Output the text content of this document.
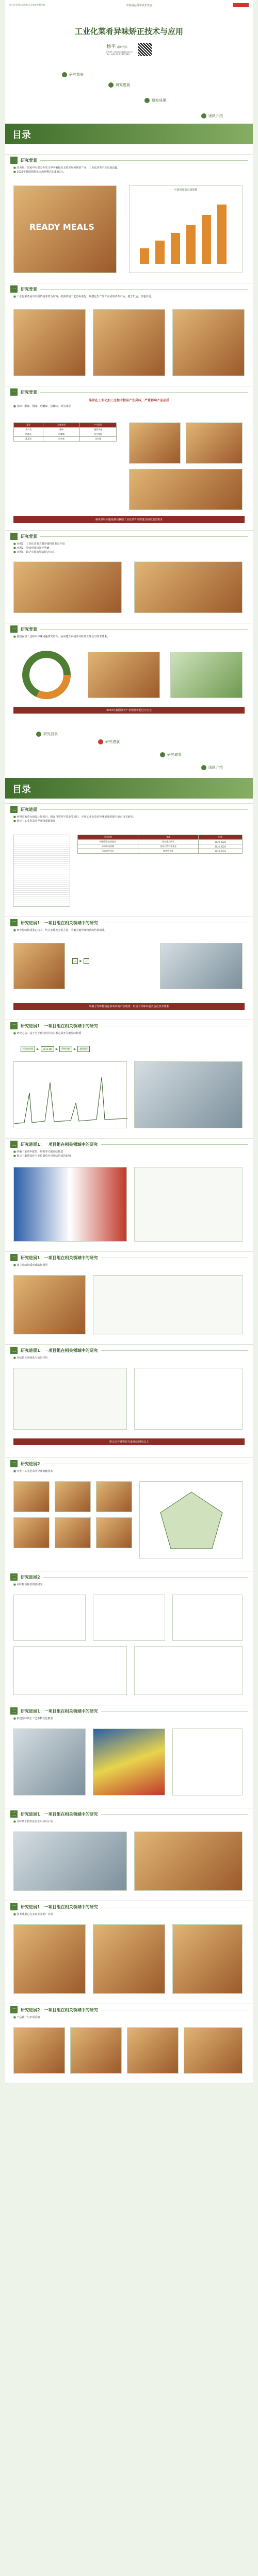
烟台农业科技研究院 山东省农业科学院	中国食品科学技术学会
工业化菜肴异味矫正技术与应用
杨平 副研究员
Email: yangping@caas.cn
Tel: +86-10-62815989
研究背景
研究进展
研究成果
团队介绍
目录
一	研究背景
■ 国务院、国家中央部分办发文中明确提出支持发展预制菜产业，工业化菜肴产业发展迅猛。
■ 2023年我国预制菜市场规模达5165亿元。
READY MEALS
中国预制菜市场规模
一	研究背景
■ 工业化菜肴是以中国传统菜肴为原料，按照传统工艺经标准化、规模化生产加工而成的菜肴产品，便于贮运、快速食用。
一	研究背景
菜肴在工业化加工过程中极易产生异味，严重影响产品品质
■ 异味：腥味、馊味、哈喇味、焦糊味、回生味等
菜肴	异味类型	产生原因
水产类	腥味	脂质氧化
肉制品	哈喇味	蛋白降解
蔬菜类	回生味	美拉德
解决异味问题是推动我国工业化菜肴高质量发展的迫切需求
一	研究背景
■ 问题1：工业化菜肴关键异味物质鉴定不清
■ 问题2：异味形成机制不明确
■ 问题3：缺乏有效的异味矫正技术
一	研究背景
■ 我国在加工过程中异味问题研究较少，亟需建立系统的异味矫正理论与技术体系。
2024年我国菜肴产业规模将超过万亿元
研究背景
研究进展
研究成果
团队介绍
目录
二	研究进展
■ 承担国家重点研发计划项目、国家自然科学基金等项目，开展工业化菜肴异味形成机制与矫正技术研究。
■ 构建了工业化菜肴异味物质数据库
项目名称	来源	时间
预制菜肴品质提升	国家重点研发	2022-2025
异味形成机制	国家自然科学基金	2021-2024
风味调控技术	院创新工程	2020-2023
二	研究进展1：一项目组在相关领域中的研究
■ 研究异味物质鉴定技术，结合多维度分析方法，明确关键异味物质的结构组成。
→	▶	→
明确了异味物质在菜肴中的产生规律，形成了异味识别及矫正技术体系
二	研究进展1：一项目组在相关领域中的研究
■ 研究方法：基于分子感官组学技术鉴定菜肴关键异味物质
样品前处理	▶	GC-O-MS	▶	OAV分析	▶	重组验证
二	研究进展1：一项目组在相关领域中的研究
■ 明确了菜肴中醛类、酮类等关键异味物质
■ 揭示了脂质氧化与美拉德反应对异味形成的影响
二	研究进展1：一项目组在相关领域中的研究
■ 建立异味物质形成路径模型
二	研究进展1：一项目组在相关领域中的研究
■ 异味矫正剂筛选与效果评价
矫正后异味物质含量降低60%以上
二	研究进展2
■ 开发了工业化菜肴异味掩蔽技术
二	研究进展2
■ 风味物质释放规律研究
二	研究进展1：一项目组在相关领域中的研究
■ 构建异味矫正工艺参数优化模型
二	研究进展1：一项目组在相关领域中的研究
■ 异味矫正技术在企业中应用示范
二	研究进展1：一项目组在相关领域中的研究
■ 技术成果已在多家企业推广应用
二	研究进展2：一项目组在相关领域中的研究
■ 产品推广与市场反馈
